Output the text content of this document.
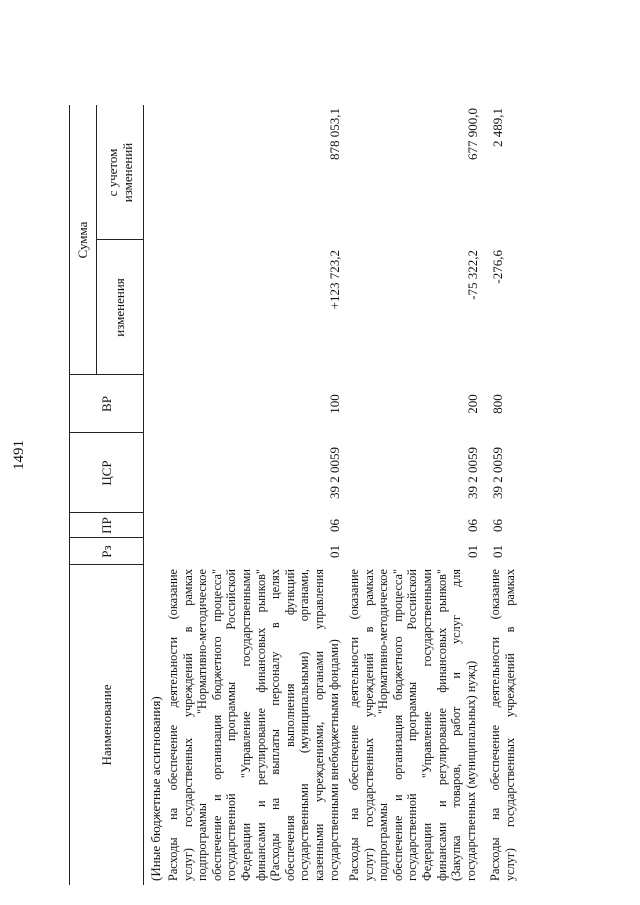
1491
Наименование
Рз
ПР
ЦСР
ВР
Сумма
изменения
с учетом
изменений
(Иные бюджетные ассигнования) Расходы на обеспечение деятельности (оказание услуг) государственных учреждений в рамках подпрограммы "Нормативно-методическое обеспечение и организация бюджетного процесса" государственной программы Российской Федерации "Управление государственными финансами и регулирование финансовых рынков" (Расходы на выплаты персоналу в целях обеспечения выполнения функций государственными (муниципальными) органами, казенными учреждениями, органами управления государственными внебюджетными фондами)
01
06
39 2 0059
100
+123 723,2
878 053,1
Расходы на обеспечение деятельности (оказание услуг) государственных учреждений в рамках подпрограммы "Нормативно-методическое обеспечение и организация бюджетного процесса" государственной программы Российской Федерации "Управление государственными финансами и регулирование финансовых рынков" (Закупка товаров, работ и услуг для государственных (муниципальных) нужд)
01
06
39 2 0059
200
-75 322,2
677 900,0
Расходы на обеспечение деятельности (оказание услуг) государственных учреждений в рамках
01
06
39 2 0059
800
-276,6
2 489,1
